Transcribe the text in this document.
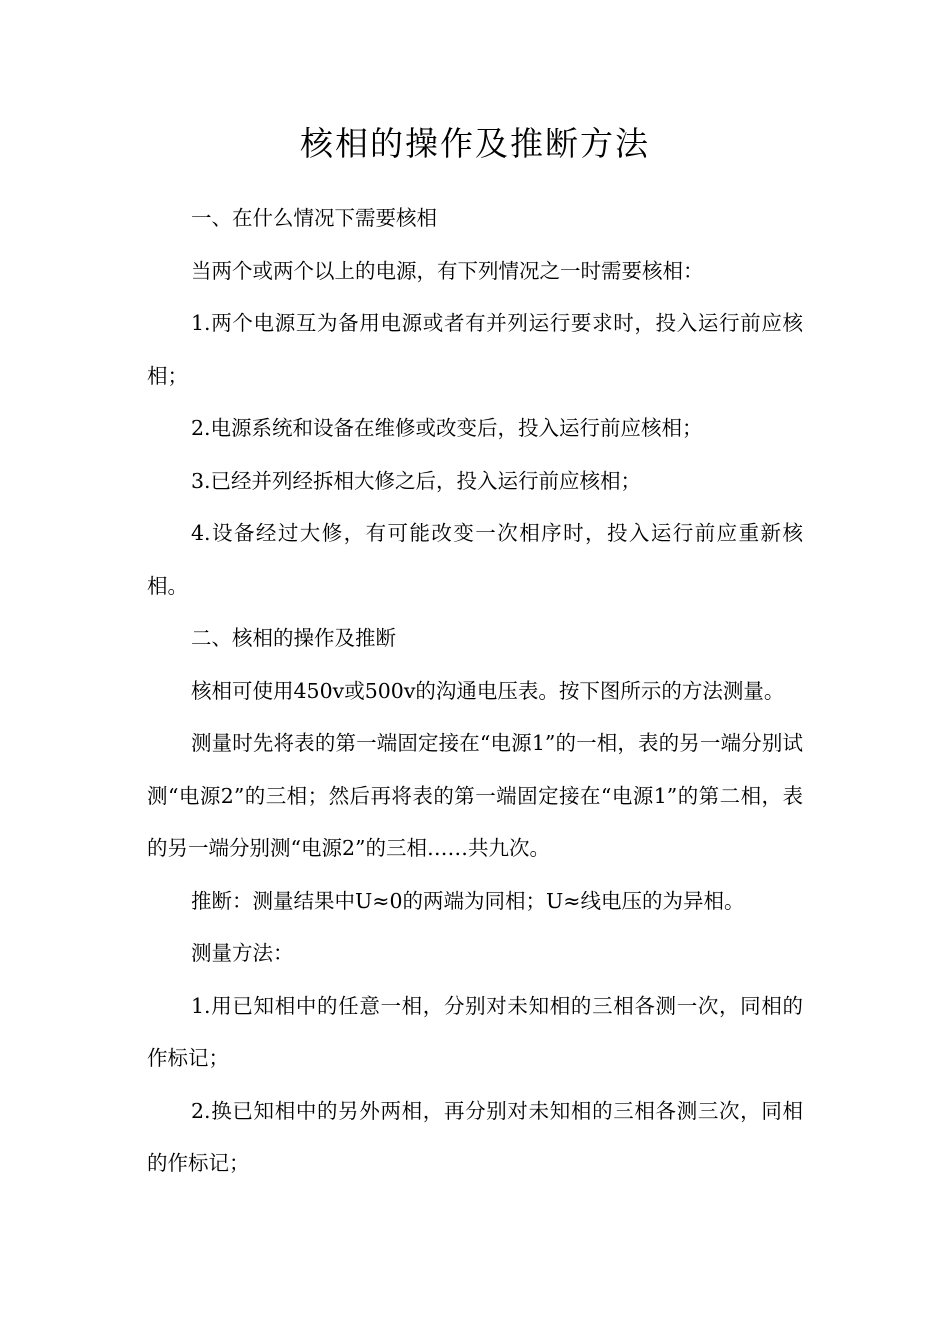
核相的操作及推断方法

一、在什么情况下需要核相

当两个或两个以上的电源，有下列情况之一时需要核相：

1.两个电源互为备用电源或者有并列运行要求时，投入运行前应核相；

2.电源系统和设备在维修或改变后，投入运行前应核相；

3.已经并列经拆相大修之后，投入运行前应核相；

4.设备经过大修，有可能改变一次相序时，投入运行前应重新核相。

二、核相的操作及推断

核相可使用450v或500v的沟通电压表。按下图所示的方法测量。

测量时先将表的第一端固定接在“电源1”的一相，表的另一端分别试测“电源2”的三相；然后再将表的第一端固定接在“电源1”的第二相，表的另一端分别测“电源2”的三相……共九次。

推断：测量结果中U≈0的两端为同相；U≈线电压的为异相。

测量方法：

1.用已知相中的任意一相，分别对未知相的三相各测一次，同相的作标记；

2.换已知相中的另外两相，再分别对未知相的三相各测三次，同相的作标记；
